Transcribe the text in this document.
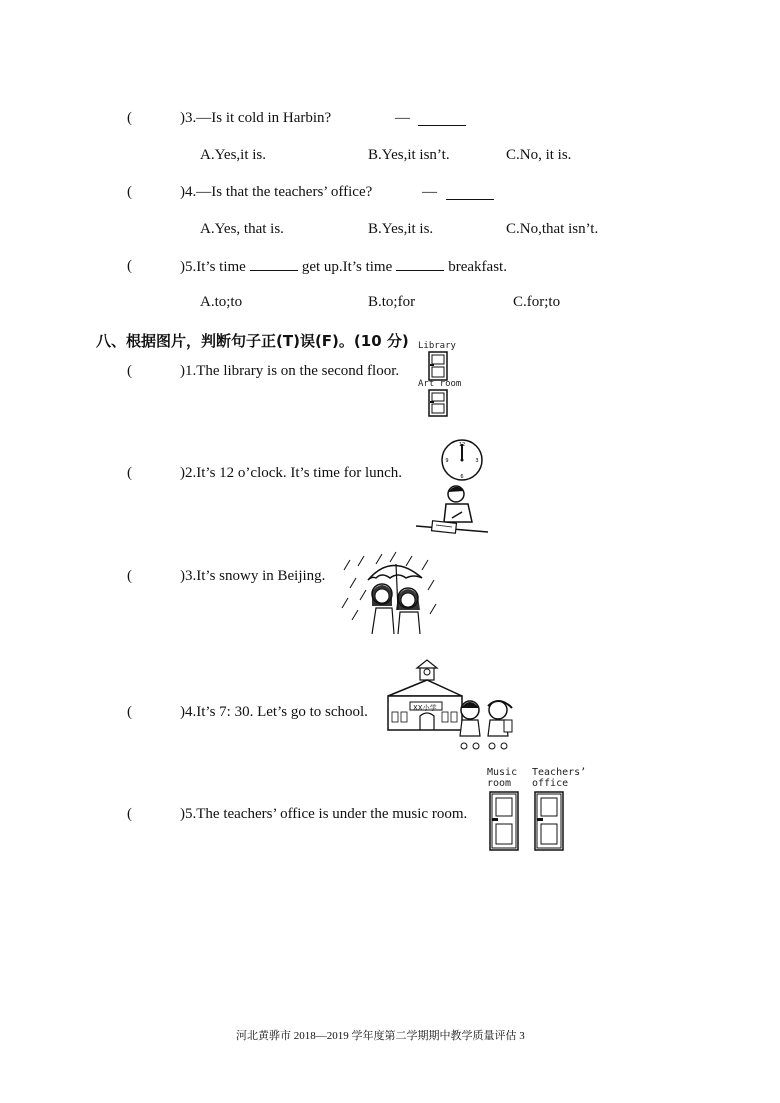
(	)3.—Is it cold in Harbin?	—
A.Yes,it is.	B.Yes,it isn’t.	C.No, it is.
(	)4.—Is that the teachers’ office?	—
A.Yes, that is.	B.Yes,it is.	C.No,that isn’t.
(	)5.It’s time	get up.It’s time	breakfast.
A.to;to	B.to;for	C.for;to
八、根据图片，判断句子正(T)误(F)。(10 分)
(	)1.The library is on the second floor.
(	)2.It’s 12 o’clock. It’s time for lunch.
(	)3.It’s snowy in Beijing.
(	)4.It’s 7: 30. Let’s go to school.
(	)5.The teachers’ office is under the music room.
Library
Art room
12
3
6
9
XX小学
Music
room
Teachers’
office
河北黄骅市 2018—2019 学年度第二学期期中教学质量评估 3
